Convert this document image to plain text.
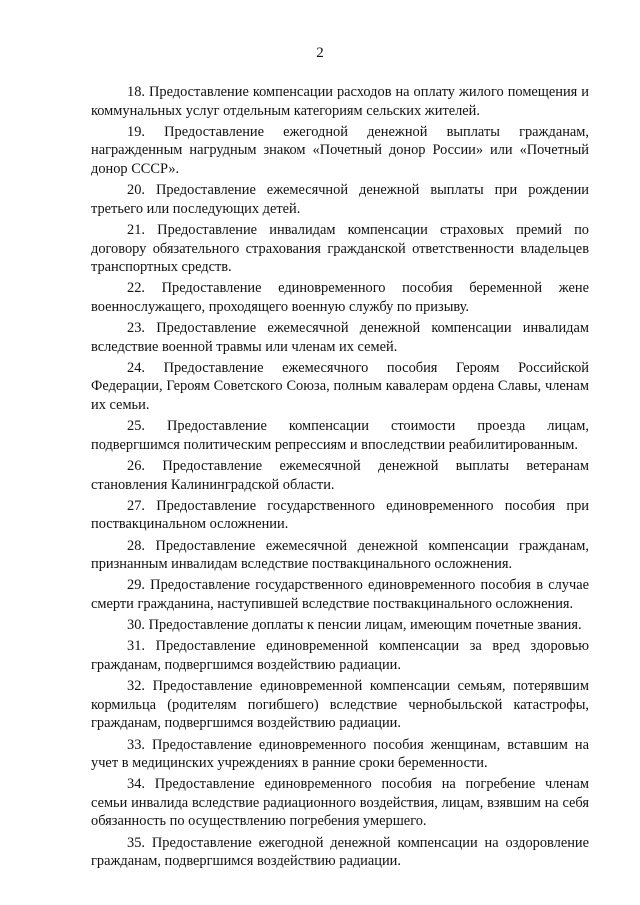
2

18. Предоставление компенсации расходов на оплату жилого помещения и коммунальных услуг отдельным категориям сельских жителей.

19. Предоставление ежегодной денежной выплаты гражданам, награжденным нагрудным знаком «Почетный донор России» или «Почетный донор СССР».

20. Предоставление ежемесячной денежной выплаты при рождении третьего или последующих детей.

21. Предоставление инвалидам компенсации страховых премий по договору обязательного страхования гражданской ответственности владельцев транспортных средств.

22. Предоставление единовременного пособия беременной жене военнослужащего, проходящего военную службу по призыву.

23. Предоставление ежемесячной денежной компенсации инвалидам вследствие военной травмы или членам их семей.

24. Предоставление ежемесячного пособия Героям Российской Федерации, Героям Советского Союза, полным кавалерам ордена Славы, членам их семьи.

25. Предоставление компенсации стоимости проезда лицам, подвергшимся политическим репрессиям и впоследствии реабилитированным.

26. Предоставление ежемесячной денежной выплаты ветеранам становления Калининградской области.

27. Предоставление государственного единовременного пособия при поствакцинальном осложнении.

28. Предоставление ежемесячной денежной компенсации гражданам, признанным инвалидам вследствие поствакцинального осложнения.

29. Предоставление государственного единовременного пособия в случае смерти гражданина, наступившей вследствие поствакцинального осложнения.

30. Предоставление доплаты к пенсии лицам, имеющим почетные звания.

31. Предоставление единовременной компенсации за вред здоровью гражданам, подвергшимся воздействию радиации.

32. Предоставление единовременной компенсации семьям, потерявшим кормильца (родителям погибшего) вследствие чернобыльской катастрофы, гражданам, подвергшимся воздействию радиации.

33. Предоставление единовременного пособия женщинам, вставшим на учет в медицинских учреждениях в ранние сроки беременности.

34. Предоставление единовременного пособия на погребение членам семьи инвалида вследствие радиационного воздействия, лицам, взявшим на себя обязанность по осуществлению погребения умершего.

35. Предоставление ежегодной денежной компенсации на оздоровление гражданам, подвергшимся воздействию радиации.
